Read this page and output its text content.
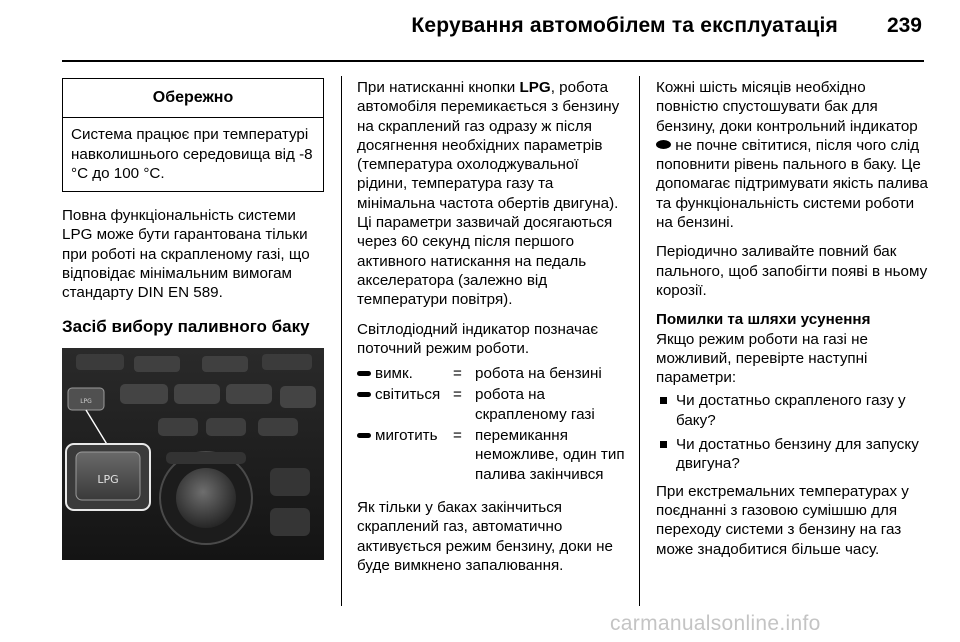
Керування автомобілем та експлуатація 239
Обережно
Система працює при температурі навколишнього середовища від -8 °C до 100 °C.

Повна функціональність системи LPG може бути гарантована тільки при роботі на скрапленому газі, що відповідає мінімальним вимогам стандарту DIN EN 589.

Засіб вибору паливного баку
LPG
LPG

При натисканні кнопки LPG, робота автомобіля перемикається з бензину на скраплений газ одразу ж після досягнення необхідних параметрів (температура охолоджувальної рідини, температура газу та мінімальна частота обертів двигуна). Ці параметри зазвичай досягаються через 60 секунд після першого активного натискання на педаль акселератора (залежно від температури повітря).

Світлодіодний індикатор позначає поточний режим роботи.

	вимк.	=	робота на бензині
	світиться	=	робота на скрапленому газі
	миготить	=	перемикання неможливе, один тип палива закінчився

Як тільки у баках закінчиться скраплений газ, автоматично активується режим бензину, доки не буде вимкнено запалювання.

Кожні шість місяців необхідно повністю спустошувати бак для бензину, доки контрольний індикатор  не почне світитися, після чого слід поповнити рівень пального в баку. Це допомагає підтримувати якість палива та функціональність системи роботи на бензині.

Періодично заливайте повний бак пального, щоб запобігти появі в ньому корозії.

Помилки та шляхи усунення

Якщо режим роботи на газі не можливий, перевірте наступні параметри:

Чи достатньо скрапленого газу у баку?
Чи достатньо бензину для запуску двигуна?

При екстремальних температурах у поєднанні з газовою сумішшю для переходу системи з бензину на газ може знадобитися більше часу.

carmanualsonline.info
